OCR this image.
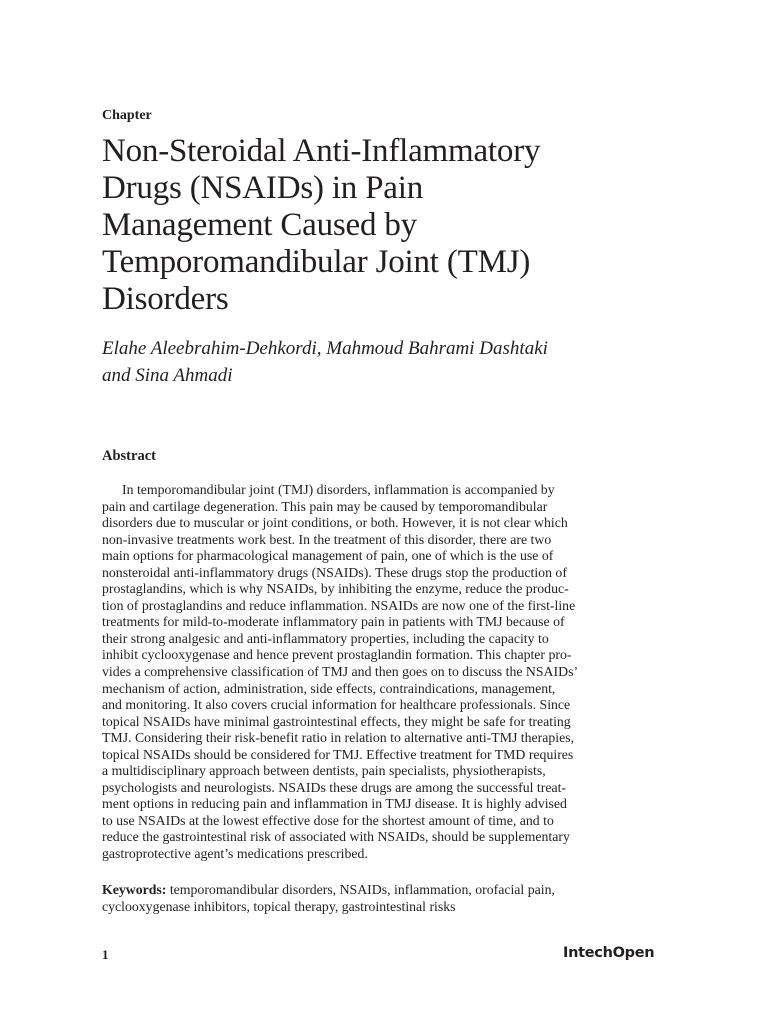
Chapter
Non-Steroidal Anti-Inflammatory
Drugs (NSAIDs) in Pain
Management Caused by
Temporomandibular Joint (TMJ)
Disorders
Elahe Aleebrahim-Dehkordi, Mahmoud Bahrami Dashtaki
and Sina Ahmadi
Abstract
In temporomandibular joint (TMJ) disorders, inflammation is accompanied by
pain and cartilage degeneration. This pain may be caused by temporomandibular
disorders due to muscular or joint conditions, or both. However, it is not clear which
non-invasive treatments work best. In the treatment of this disorder, there are two
main options for pharmacological management of pain, one of which is the use of
nonsteroidal anti-inflammatory drugs (NSAIDs). These drugs stop the production of
prostaglandins, which is why NSAIDs, by inhibiting the enzyme, reduce the produc-
tion of prostaglandins and reduce inflammation. NSAIDs are now one of the first-line
treatments for mild-to-moderate inflammatory pain in patients with TMJ because of
their strong analgesic and anti-inflammatory properties, including the capacity to
inhibit cyclooxygenase and hence prevent prostaglandin formation. This chapter pro-
vides a comprehensive classification of TMJ and then goes on to discuss the NSAIDs’
mechanism of action, administration, side effects, contraindications, management,
and monitoring. It also covers crucial information for healthcare professionals. Since
topical NSAIDs have minimal gastrointestinal effects, they might be safe for treating
TMJ. Considering their risk-benefit ratio in relation to alternative anti-TMJ therapies,
topical NSAIDs should be considered for TMJ. Effective treatment for TMD requires
a multidisciplinary approach between dentists, pain specialists, physiotherapists,
psychologists and neurologists. NSAIDs these drugs are among the successful treat-
ment options in reducing pain and inflammation in TMJ disease. It is highly advised
to use NSAIDs at the lowest effective dose for the shortest amount of time, and to
reduce the gastrointestinal risk of associated with NSAIDs, should be supplementary
gastroprotective agent’s medications prescribed.
Keywords: temporomandibular disorders, NSAIDs, inflammation, orofacial pain,
cyclooxygenase inhibitors, topical therapy, gastrointestinal risks
1	IntechOpen
